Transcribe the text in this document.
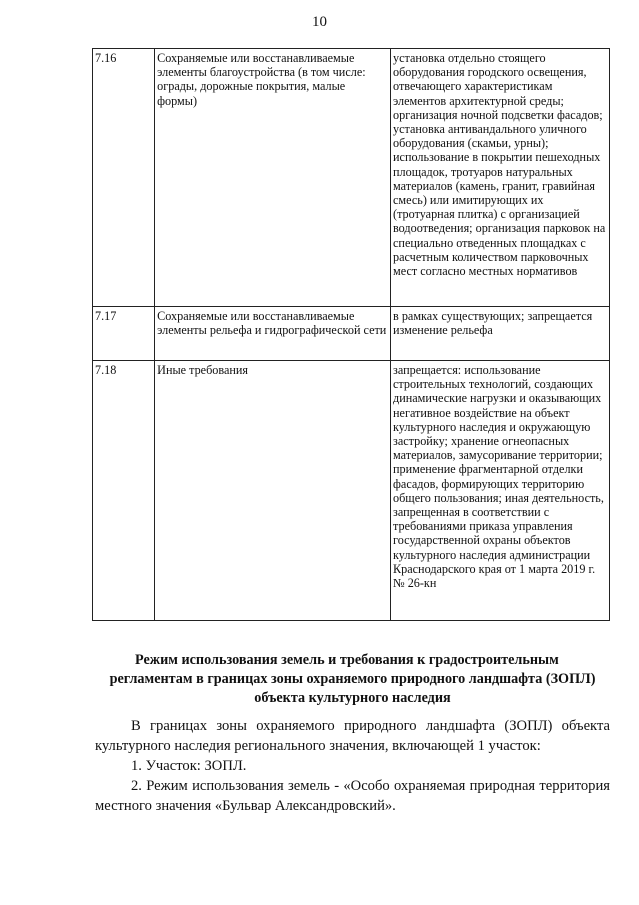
10
7.16	Сохраняемые или восстанавливаемые элементы благоустройства (в том числе: ограды, дорожные покрытия, малые формы)	установка отдельно стоящего оборудования городского освещения, отвечающего характеристикам элементов архитектурной среды; организация ночной подсветки фасадов; установка антивандального уличного оборудования (скамьи, урны); использование в покрытии пешеходных площадок, тротуаров натуральных материалов (камень, гранит, гравийная смесь) или имитирующих их (тротуарная плитка) с организацией водоотведения; организация парковок на специально отведенных площадках с расчетным количеством парковочных мест согласно местных нормативов
7.17	Сохраняемые или восстанавливаемые элементы рельефа и гидрографической сети	в рамках существующих; запрещается изменение рельефа
7.18	Иные требования	запрещается: использование строительных технологий, создающих динамические нагрузки и оказывающих негативное воздействие на объект культурного наследия и окружающую застройку; хранение огнеопасных материалов, замусоривание территории; применение фрагментарной отделки фасадов, формирующих территорию общего пользования; иная деятельность, запрещенная в соответствии с требованиями приказа управления государственной охраны объектов культурного наследия администрации Краснодарского края от 1 марта 2019 г. № 26-кн
Режим использования земель и требования к градостроительным
регламентам в границах зоны охраняемого природного ландшафта (ЗОПЛ)
объекта культурного наследия

В границах зоны охраняемого природного ландшафта (ЗОПЛ) объекта культурного наследия регионального значения, включающей 1 участок:

1. Участок: ЗОПЛ.

2. Режим использования земель - «Особо охраняемая природная территория местного значения «Бульвар Александровский».
